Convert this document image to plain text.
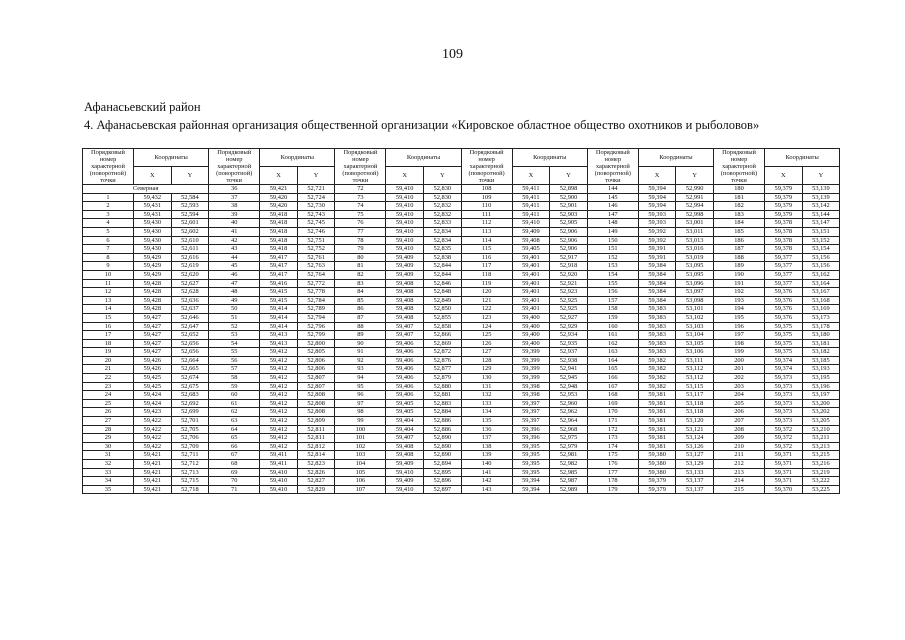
109
Афанасьевский район
4. Афанасьевская районная организация общественной организации «Кировское областное общество охотников и рыболовов»
Порядковый номер характерной (поворотной) точки	Координаты		Порядковый номер характерной (поворотной) точки	Координаты		Порядковый номер характерной (поворотной) точки	Координаты		Порядковый номер характерной (поворотной) точки	Координаты		Порядковый номер характерной (поворотной) точки	Координаты		Порядковый номер характерной (поворотной) точки	Координаты	
	X	Y		X	Y		X	Y		X	Y		X	Y		X	Y
Северная			36	59,421	52,721	72	59,410	52,830	108	59,411	52,898	144	59,394	52,990	180	59,379	53,139
1	59,432	52,584	37	59,420	52,724	73	59,410	52,830	109	59,411	52,900	145	59,394	52,991	181	59,379	53,139
2	59,431	52,593	38	59,420	52,730	74	59,410	52,832	110	59,411	52,901	146	59,394	52,994	182	59,379	53,142
3	59,431	52,594	39	59,418	52,743	75	59,410	52,832	111	59,411	52,903	147	59,393	52,998	183	59,379	53,144
4	59,430	52,601	40	59,418	52,745	76	59,410	52,833	112	59,410	52,905	148	59,393	53,001	184	59,378	53,147
5	59,430	52,602	41	59,418	52,746	77	59,410	52,834	113	59,409	52,906	149	59,392	53,011	185	59,378	53,151
6	59,430	52,610	42	59,418	52,751	78	59,410	52,834	114	59,408	52,906	150	59,392	53,013	186	59,378	53,152
7	59,430	52,611	43	59,418	52,752	79	59,410	52,835	115	59,405	52,906	151	59,391	53,016	187	59,378	53,154
8	59,429	52,616	44	59,417	52,761	80	59,409	52,838	116	59,401	52,917	152	59,391	53,019	188	59,377	53,156
9	59,429	52,619	45	59,417	52,763	81	59,409	52,844	117	59,401	52,918	153	59,384	53,095	189	59,377	53,156
10	59,429	52,620	46	59,417	52,764	82	59,409	52,844	118	59,401	52,920	154	59,384	53,095	190	59,377	53,162
11	59,428	52,627	47	59,416	52,772	83	59,408	52,846	119	59,401	52,921	155	59,384	53,096	191	59,377	53,164
12	59,428	52,628	48	59,415	52,778	84	59,408	52,848	120	59,401	52,923	156	59,384	53,097	192	59,376	53,167
13	59,428	52,636	49	59,415	52,784	85	59,408	52,849	121	59,401	52,925	157	59,384	53,098	193	59,376	53,168
14	59,428	52,637	50	59,414	52,789	86	59,408	52,850	122	59,401	52,925	158	59,383	53,101	194	59,376	53,169
15	59,427	52,646	51	59,414	52,794	87	59,408	52,855	123	59,400	52,927	159	59,383	53,102	195	59,376	53,173
16	59,427	52,647	52	59,414	52,796	88	59,407	52,858	124	59,400	52,929	160	59,383	53,103	196	59,375	53,178
17	59,427	52,652	53	59,413	52,799	89	59,407	52,866	125	59,400	52,934	161	59,383	53,104	197	59,375	53,180
18	59,427	52,656	54	59,413	52,800	90	59,406	52,869	126	59,400	52,935	162	59,383	53,105	198	59,375	53,181
19	59,427	52,656	55	59,412	52,805	91	59,406	52,872	127	59,399	52,937	163	59,383	53,106	199	59,375	53,182
20	59,426	52,664	56	59,412	52,806	92	59,406	52,876	128	59,399	52,938	164	59,382	53,111	200	59,374	53,185
21	59,426	52,665	57	59,412	52,806	93	59,406	52,877	129	59,399	52,941	165	59,382	53,112	201	59,374	53,193
22	59,425	52,674	58	59,412	52,807	94	59,406	52,879	130	59,399	52,945	166	59,382	53,112	202	59,373	53,195
23	59,425	52,675	59	59,412	52,807	95	59,406	52,880	131	59,398	52,948	167	59,382	53,115	203	59,373	53,196
24	59,424	52,683	60	59,412	52,808	96	59,406	52,881	132	59,398	52,953	168	59,381	53,117	204	59,373	53,197
25	59,424	52,692	61	59,412	52,808	97	59,405	52,883	133	59,397	52,960	169	59,381	53,118	205	59,373	53,200
26	59,423	52,699	62	59,412	52,808	98	59,405	52,884	134	59,397	52,962	170	59,381	53,118	206	59,373	53,202
27	59,422	52,701	63	59,412	52,809	99	59,404	52,886	135	59,397	52,964	171	59,381	53,120	207	59,373	53,205
28	59,422	52,705	64	59,412	52,811	100	59,404	52,886	136	59,396	52,968	172	59,381	53,121	208	59,372	53,210
29	59,422	52,706	65	59,412	52,811	101	59,407	52,890	137	59,396	52,975	173	59,381	53,124	209	59,372	53,211
30	59,422	52,709	66	59,412	52,812	102	59,408	52,890	138	59,395	52,979	174	59,381	53,126	210	59,372	53,213
31	59,421	52,711	67	59,411	52,814	103	59,408	52,890	139	59,395	52,981	175	59,380	53,127	211	59,371	53,215
32	59,421	52,712	68	59,411	52,823	104	59,409	52,894	140	59,395	52,982	176	59,380	53,129	212	59,371	53,216
33	59,421	52,713	69	59,410	52,826	105	59,410	52,895	141	59,395	52,985	177	59,380	53,133	213	59,371	53,219
34	59,421	52,715	70	59,410	52,827	106	59,409	52,896	142	59,394	52,987	178	59,379	53,137	214	59,371	53,222
35	59,421	52,718	71	59,410	52,829	107	59,410	52,897	143	59,394	52,989	179	59,379	53,137	215	59,370	53,225
